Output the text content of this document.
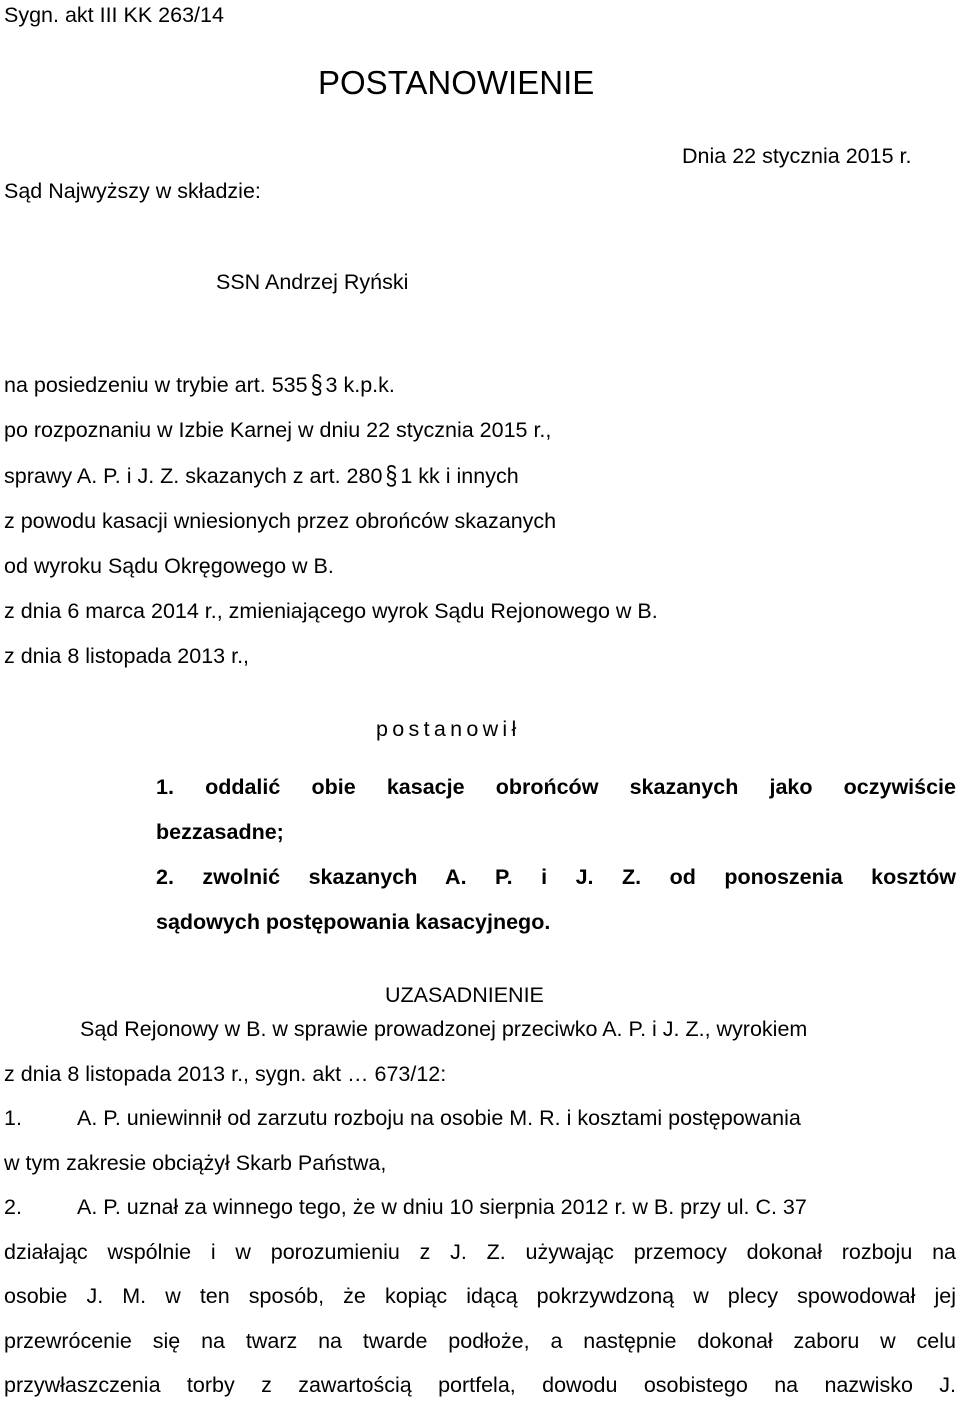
Sygn. akt III KK 263/14
POSTANOWIENIE
Dnia 22 stycznia 2015 r.
Sąd Najwyższy w składzie:
SSN Andrzej Ryński
na posiedzeniu w trybie art. 535 § 3 k.p.k.
po rozpoznaniu w Izbie Karnej w dniu 22 stycznia 2015 r.,
sprawy A. P. i J. Z. skazanych z art. 280 § 1 kk i innych
z powodu kasacji wniesionych przez obrońców skazanych
od wyroku Sądu Okręgowego w B.
z dnia 6 marca 2014 r., zmieniającego wyrok Sądu Rejonowego w B.
z dnia 8 listopada 2013 r.,
postanowił
1. oddalić obie kasacje obrońców skazanych jako oczywiście
bezzasadne;
2. zwolnić skazanych A. P. i J. Z. od ponoszenia kosztów
sądowych postępowania kasacyjnego.
UZASADNIENIE
Sąd Rejonowy w B. w sprawie prowadzonej przeciwko A. P. i J. Z., wyrokiem
z dnia 8 listopada 2013 r., sygn. akt … 673/12:
1.	A. P. uniewinnił od zarzutu rozboju na osobie M. R. i kosztami postępowania
w tym zakresie obciążył Skarb Państwa,
2.	A. P. uznał za winnego tego, że w dniu 10 sierpnia 2012 r. w B. przy ul. C. 37
działając wspólnie i w porozumieniu z J. Z. używając przemocy dokonał rozboju na
osobie J. M. w ten sposób, że kopiąc idącą pokrzywdzoną w plecy spowodował jej
przewrócenie się na twarz na twarde podłoże, a następnie dokonał zaboru w celu
przywłaszczenia torby z zawartością portfela, dowodu osobistego na nazwisko J.
